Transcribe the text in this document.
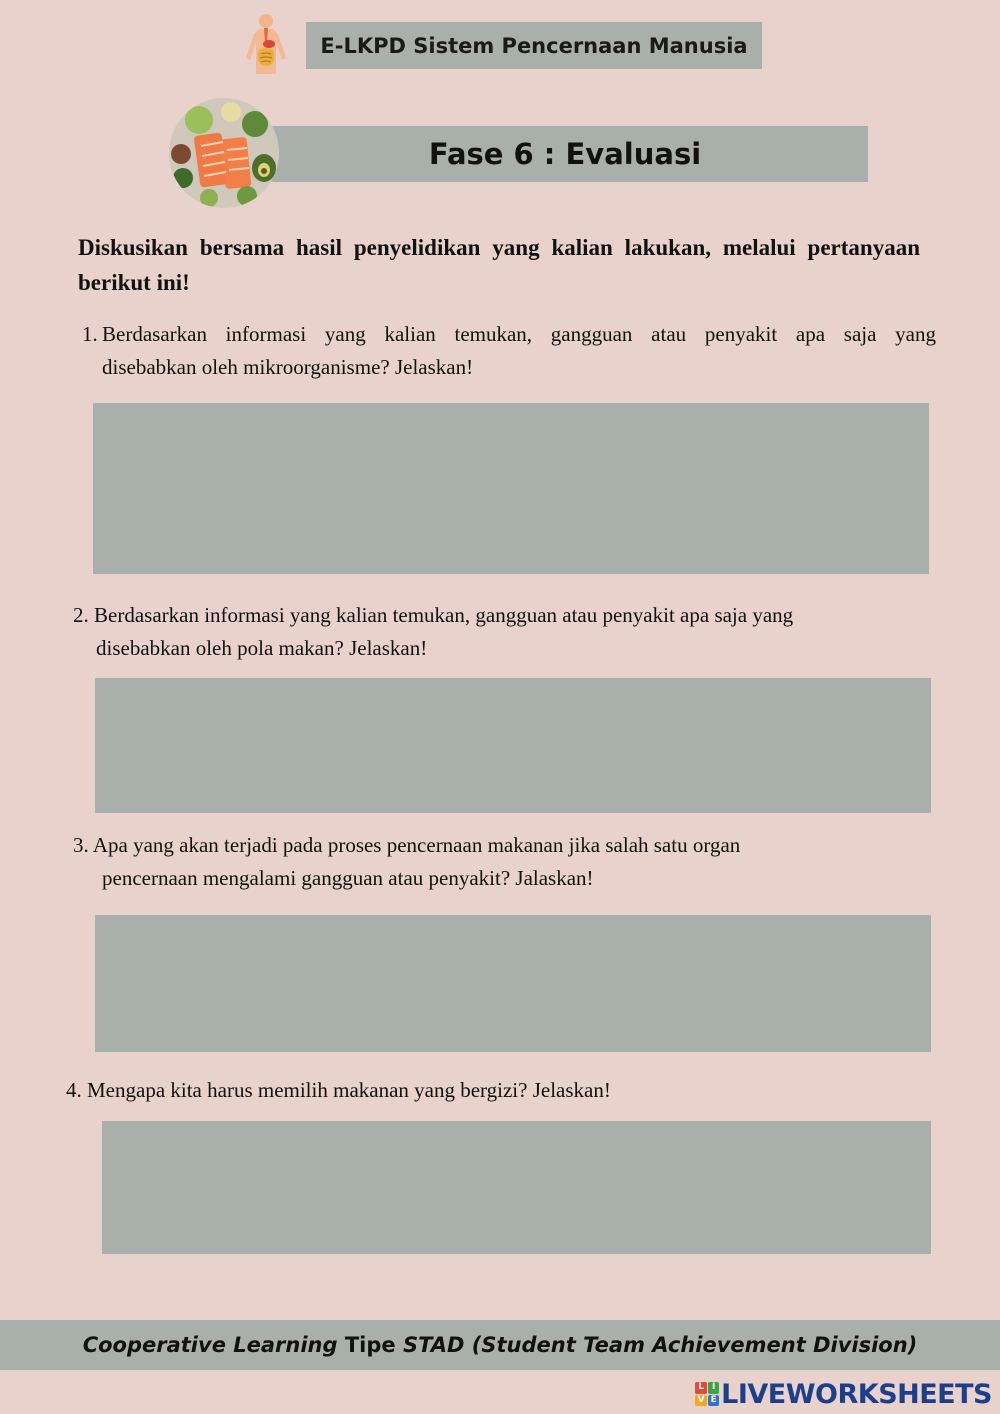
E-LKPD Sistem Pencernaan Manusia
Fase 6 : Evaluasi
Diskusikan bersama hasil penyelidikan yang kalian lakukan, melalui pertanyaan berikut ini!
1. Berdasarkan informasi yang kalian temukan, gangguan atau penyakit apa saja yang
disebabkan oleh mikroorganisme? Jelaskan!
2. Berdasarkan informasi yang kalian temukan, gangguan atau penyakit apa saja yang
disebabkan oleh pola makan? Jelaskan!
3. Apa yang akan terjadi pada proses pencernaan makanan jika salah satu organ
pencernaan mengalami gangguan atau penyakit? Jalaskan!
4. Mengapa kita harus memilih makanan yang bergizi? Jelaskan!
Cooperative Learning Tipe STAD (Student Team Achievement Division)
L I
V E LIVEWORKSHEETS
